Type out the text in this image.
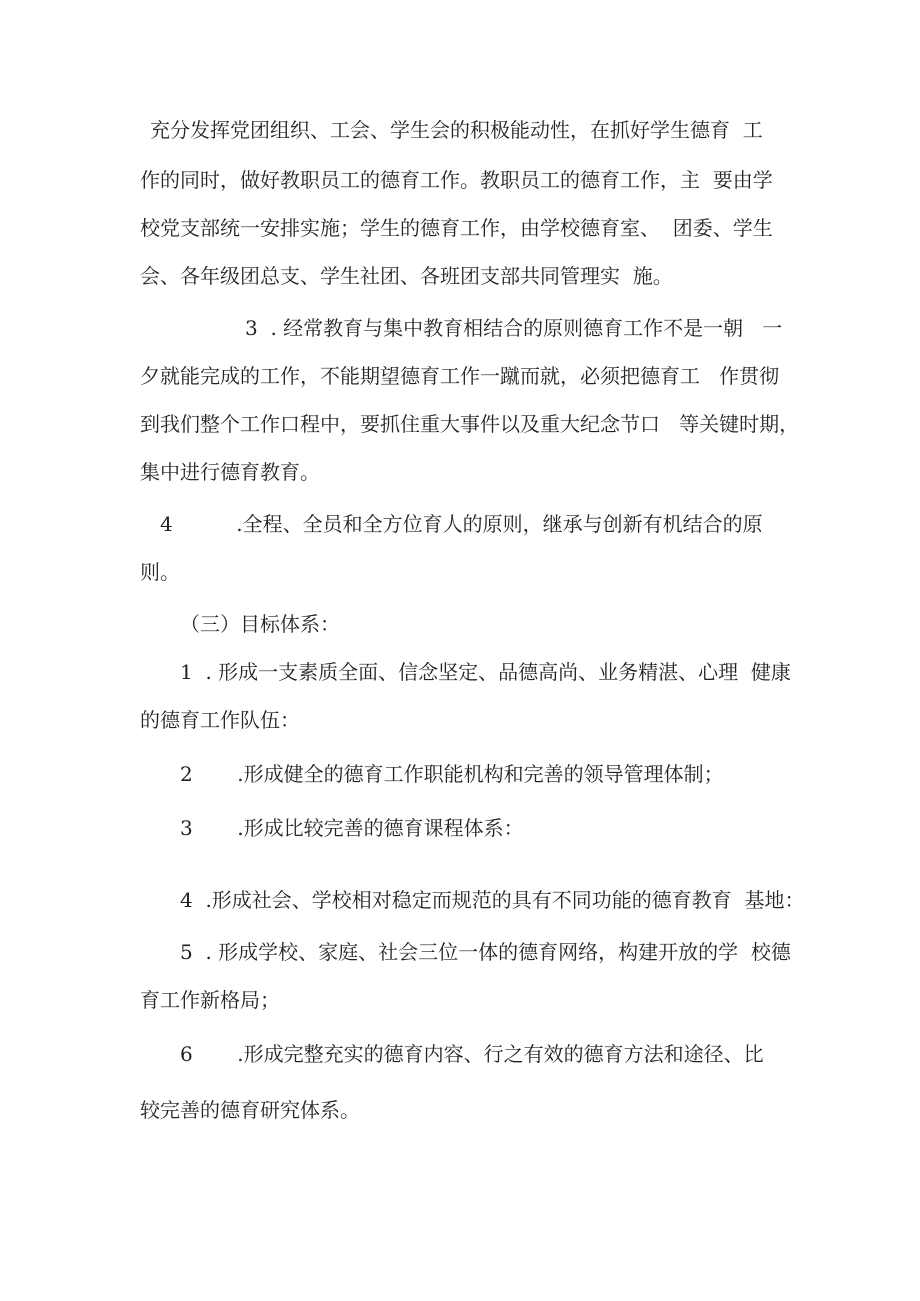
充分发挥党团组织、工会、学生会的积极能动性，在抓好学生德育  工
作的同时，做好教职员工的德育工作。教职员工的德育工作，主  要由学
校党支部统一安排实施；学生的德育工作，由学校德育室、  团委、学生
会、各年级团总支、学生社团、各班团支部共同管理实  施。
3  . 经常教育与集中教育相结合的原则德育工作不是一朝   一
夕就能完成的工作，不能期望德育工作一蹴而就，必须把德育工   作贯彻
到我们整个工作口程中，要抓住重大事件以及重大纪念节口   等关键时期，
集中进行德育教育。
4          .全程、全员和全方位育人的原则，继承与创新有机结合的原
则。
（三）目标体系：
1  . 形成一支素质全面、信念坚定、品德高尚、业务精湛、心理  健康
的德育工作队伍：
2       .形成健全的德育工作职能机构和完善的领导管理体制；
3       .形成比较完善的德育课程体系：
4  .形成社会、学校相对稳定而规范的具有不同功能的德育教育  基地：
5  . 形成学校、家庭、社会三位一体的德育网络，构建开放的学  校德
育工作新格局；
6       .形成完整充实的德育内容、行之有效的德育方法和途径、比
较完善的德育研究体系。
